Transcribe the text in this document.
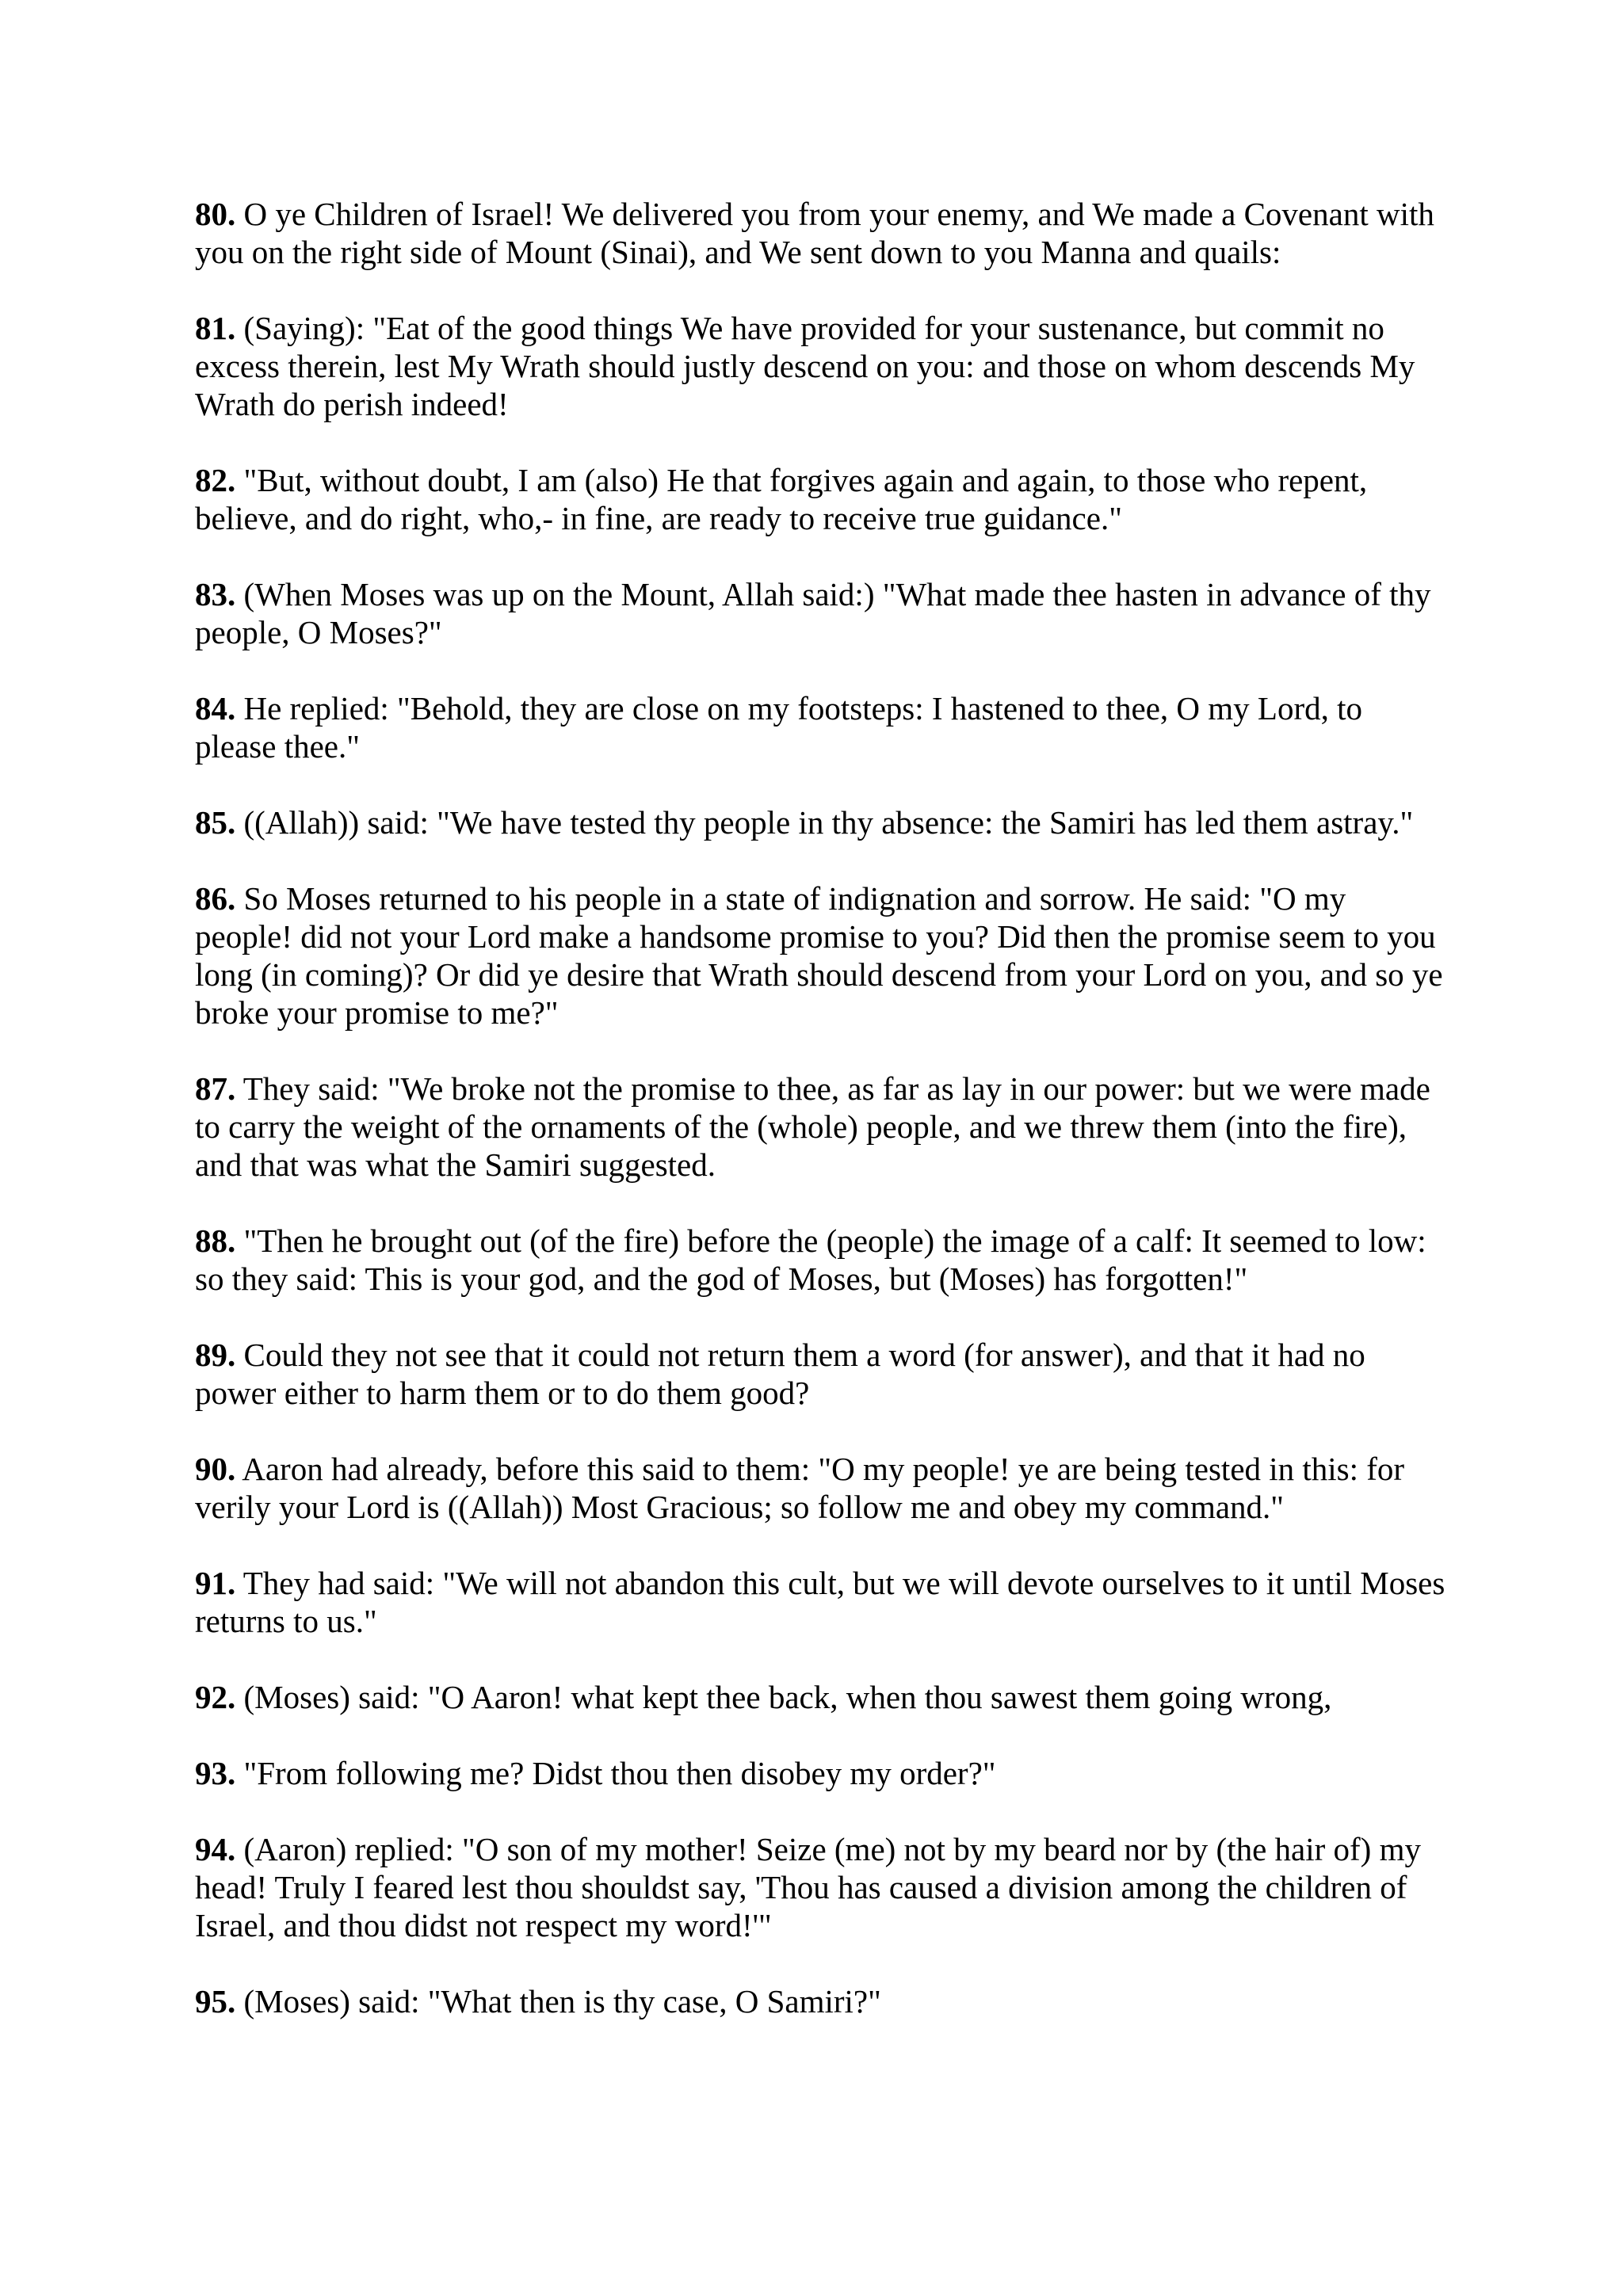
80. O ye Children of Israel! We delivered you from your enemy, and We made a Covenant with you on the right side of Mount (Sinai), and We sent down to you Manna and quails:

81. (Saying): "Eat of the good things We have provided for your sustenance, but commit no excess therein, lest My Wrath should justly descend on you: and those on whom descends My Wrath do perish indeed!

82. "But, without doubt, I am (also) He that forgives again and again, to those who repent, believe, and do right, who,- in fine, are ready to receive true guidance."

83. (When Moses was up on the Mount, Allah said:) "What made thee hasten in advance of thy people, O Moses?"

84. He replied: "Behold, they are close on my footsteps: I hastened to thee, O my Lord, to please thee."

85. ((Allah)) said: "We have tested thy people in thy absence: the Samiri has led them astray."

86. So Moses returned to his people in a state of indignation and sorrow. He said: "O my people! did not your Lord make a handsome promise to you? Did then the promise seem to you long (in coming)? Or did ye desire that Wrath should descend from your Lord on you, and so ye broke your promise to me?"

87. They said: "We broke not the promise to thee, as far as lay in our power: but we were made to carry the weight of the ornaments of the (whole) people, and we threw them (into the fire), and that was what the Samiri suggested.

88. "Then he brought out (of the fire) before the (people) the image of a calf: It seemed to low: so they said: This is your god, and the god of Moses, but (Moses) has forgotten!"

89. Could they not see that it could not return them a word (for answer), and that it had no power either to harm them or to do them good?

90. Aaron had already, before this said to them: "O my people! ye are being tested in this: for verily your Lord is ((Allah)) Most Gracious; so follow me and obey my command."

91. They had said: "We will not abandon this cult, but we will devote ourselves to it until Moses returns to us."

92. (Moses) said: "O Aaron! what kept thee back, when thou sawest them going wrong,

93. "From following me? Didst thou then disobey my order?"

94. (Aaron) replied: "O son of my mother! Seize (me) not by my beard nor by (the hair of) my head! Truly I feared lest thou shouldst say, 'Thou has caused a division among the children of Israel, and thou didst not respect my word!'"

95. (Moses) said: "What then is thy case, O Samiri?"
